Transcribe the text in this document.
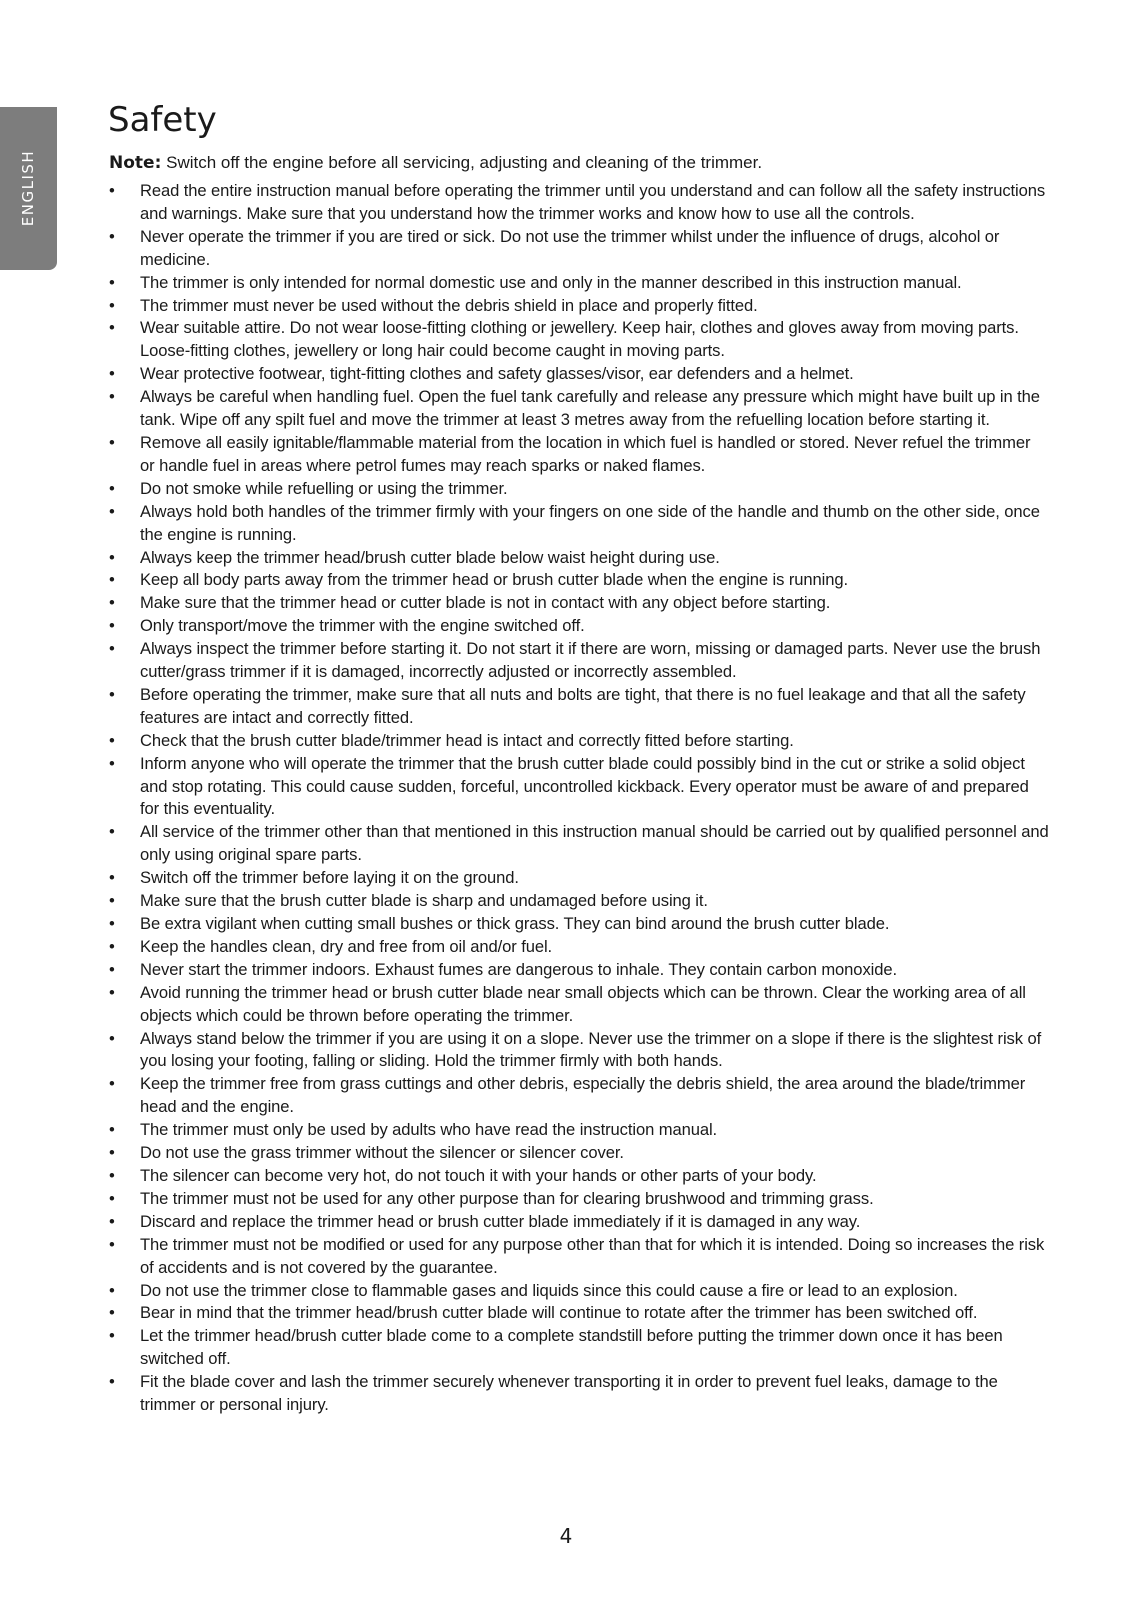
ENGLISH
Safety
Note: Switch off the engine before all servicing, adjusting and cleaning of the trimmer.
• Read the entire instruction manual before operating the trimmer until you understand and can follow all the safety instructions and warnings. Make sure that you understand how the trimmer works and know how to use all the controls.
• Never operate the trimmer if you are tired or sick. Do not use the trimmer whilst under the influence of drugs, alcohol or medicine.
• The trimmer is only intended for normal domestic use and only in the manner described in this instruction manual.
• The trimmer must never be used without the debris shield in place and properly fitted.
• Wear suitable attire. Do not wear loose-fitting clothing or jewellery. Keep hair, clothes and gloves away from moving parts. Loose-fitting clothes, jewellery or long hair could become caught in moving parts.
• Wear protective footwear, tight-fitting clothes and safety glasses/visor, ear defenders and a helmet.
• Always be careful when handling fuel. Open the fuel tank carefully and release any pressure which might have built up in the tank. Wipe off any spilt fuel and move the trimmer at least 3 metres away from the refuelling location before starting it.
• Remove all easily ignitable/flammable material from the location in which fuel is handled or stored. Never refuel the trimmer or handle fuel in areas where petrol fumes may reach sparks or naked flames.
• Do not smoke while refuelling or using the trimmer.
• Always hold both handles of the trimmer firmly with your fingers on one side of the handle and thumb on the other side, once the engine is running.
• Always keep the trimmer head/brush cutter blade below waist height during use.
• Keep all body parts away from the trimmer head or brush cutter blade when the engine is running.
• Make sure that the trimmer head or cutter blade is not in contact with any object before starting.
• Only transport/move the trimmer with the engine switched off.
• Always inspect the trimmer before starting it. Do not start it if there are worn, missing or damaged parts. Never use the brush cutter/grass trimmer if it is damaged, incorrectly adjusted or incorrectly assembled.
• Before operating the trimmer, make sure that all nuts and bolts are tight, that there is no fuel leakage and that all the safety features are intact and correctly fitted.
• Check that the brush cutter blade/trimmer head is intact and correctly fitted before starting.
• Inform anyone who will operate the trimmer that the brush cutter blade could possibly bind in the cut or strike a solid object and stop rotating. This could cause sudden, forceful, uncontrolled kickback. Every operator must be aware of and prepared for this eventuality.
• All service of the trimmer other than that mentioned in this instruction manual should be carried out by qualified personnel and only using original spare parts.
• Switch off the trimmer before laying it on the ground.
• Make sure that the brush cutter blade is sharp and undamaged before using it.
• Be extra vigilant when cutting small bushes or thick grass. They can bind around the brush cutter blade.
• Keep the handles clean, dry and free from oil and/or fuel.
• Never start the trimmer indoors. Exhaust fumes are dangerous to inhale. They contain carbon monoxide.
• Avoid running the trimmer head or brush cutter blade near small objects which can be thrown. Clear the working area of all objects which could be thrown before operating the trimmer.
• Always stand below the trimmer if you are using it on a slope. Never use the trimmer on a slope if there is the slightest risk of you losing your footing, falling or sliding. Hold the trimmer firmly with both hands.
• Keep the trimmer free from grass cuttings and other debris, especially the debris shield, the area around the blade/trimmer head and the engine.
• The trimmer must only be used by adults who have read the instruction manual.
• Do not use the grass trimmer without the silencer or silencer cover.
• The silencer can become very hot, do not touch it with your hands or other parts of your body.
• The trimmer must not be used for any other purpose than for clearing brushwood and trimming grass.
• Discard and replace the trimmer head or brush cutter blade immediately if it is damaged in any way.
• The trimmer must not be modified or used for any purpose other than that for which it is intended. Doing so increases the risk of accidents and is not covered by the guarantee.
• Do not use the trimmer close to flammable gases and liquids since this could cause a fire or lead to an explosion.
• Bear in mind that the trimmer head/brush cutter blade will continue to rotate after the trimmer has been switched off.
• Let the trimmer head/brush cutter blade come to a complete standstill before putting the trimmer down once it has been switched off.
• Fit the blade cover and lash the trimmer securely whenever transporting it in order to prevent fuel leaks, damage to the trimmer or personal injury.
4
